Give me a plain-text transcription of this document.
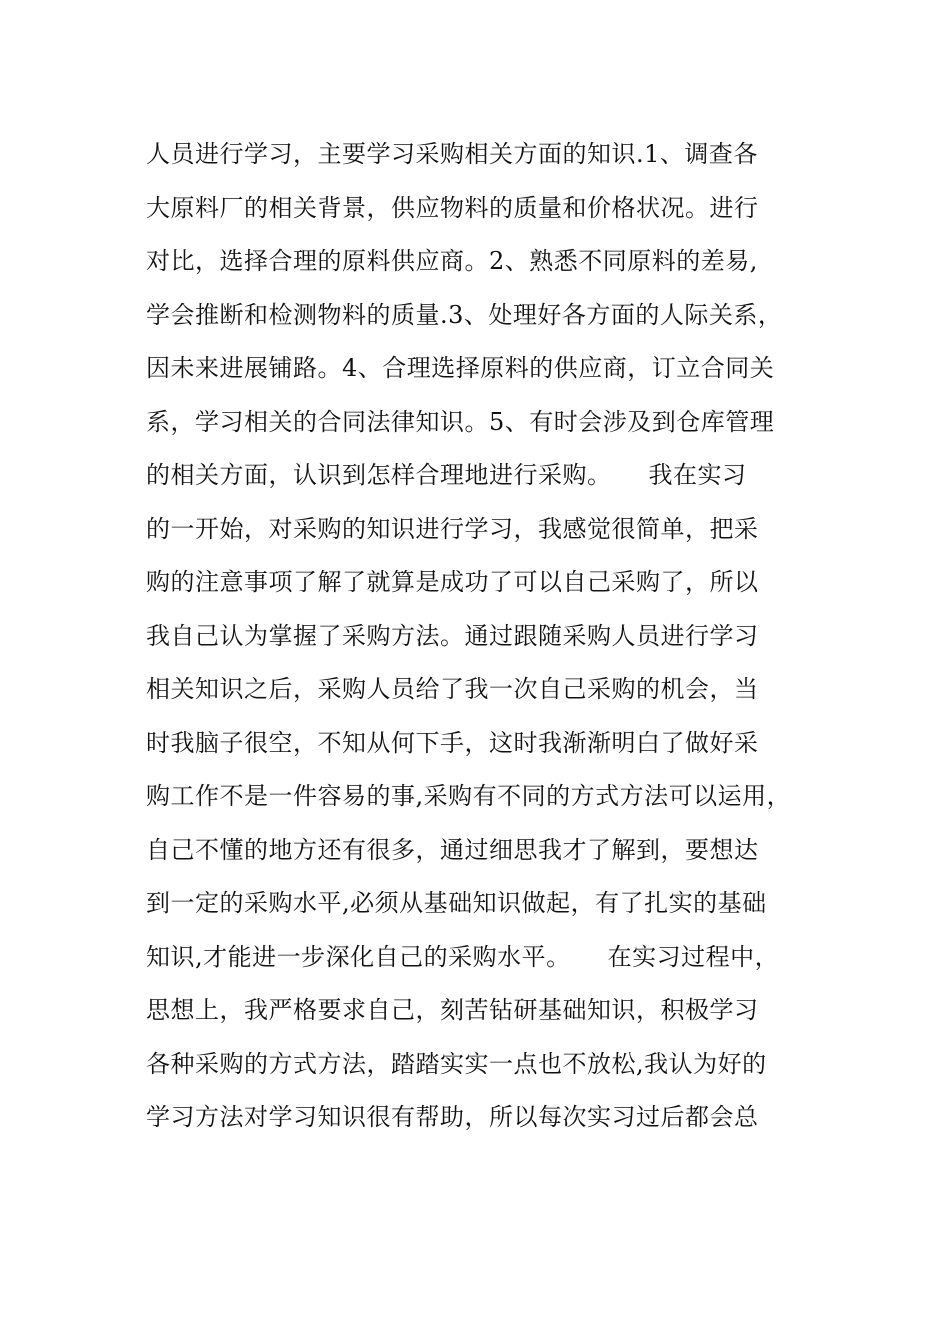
人员进行学习，主要学习采购相关方面的知识.1、调查各
大原料厂的相关背景，供应物料的质量和价格状况。进行
对比，选择合理的原料供应商。2、熟悉不同原料的差易,
学会推断和检测物料的质量.3、处理好各方面的人际关系，
因未来进展铺路。4、合理选择原料的供应商，订立合同关
系，学习相关的合同法律知识。5、有时会涉及到仓库管理
的相关方面，认识到怎样合理地进行采购。　　我在实习
的一开始，对采购的知识进行学习，我感觉很简单，把采
购的注意事项了解了就算是成功了可以自己采购了，所以
我自己认为掌握了采购方法。通过跟随采购人员进行学习
相关知识之后，采购人员给了我一次自己采购的机会，当
时我脑子很空，不知从何下手，这时我渐渐明白了做好采
购工作不是一件容易的事,采购有不同的方式方法可以运用，
自己不懂的地方还有很多，通过细思我才了解到，要想达
到一定的采购水平,必须从基础知识做起，有了扎实的基础
知识,才能进一步深化自己的采购水平。　　在实习过程中，
思想上，我严格要求自己，刻苦钻研基础知识，积极学习
各种采购的方式方法，踏踏实实一点也不放松,我认为好的
学习方法对学习知识很有帮助，所以每次实习过后都会总
